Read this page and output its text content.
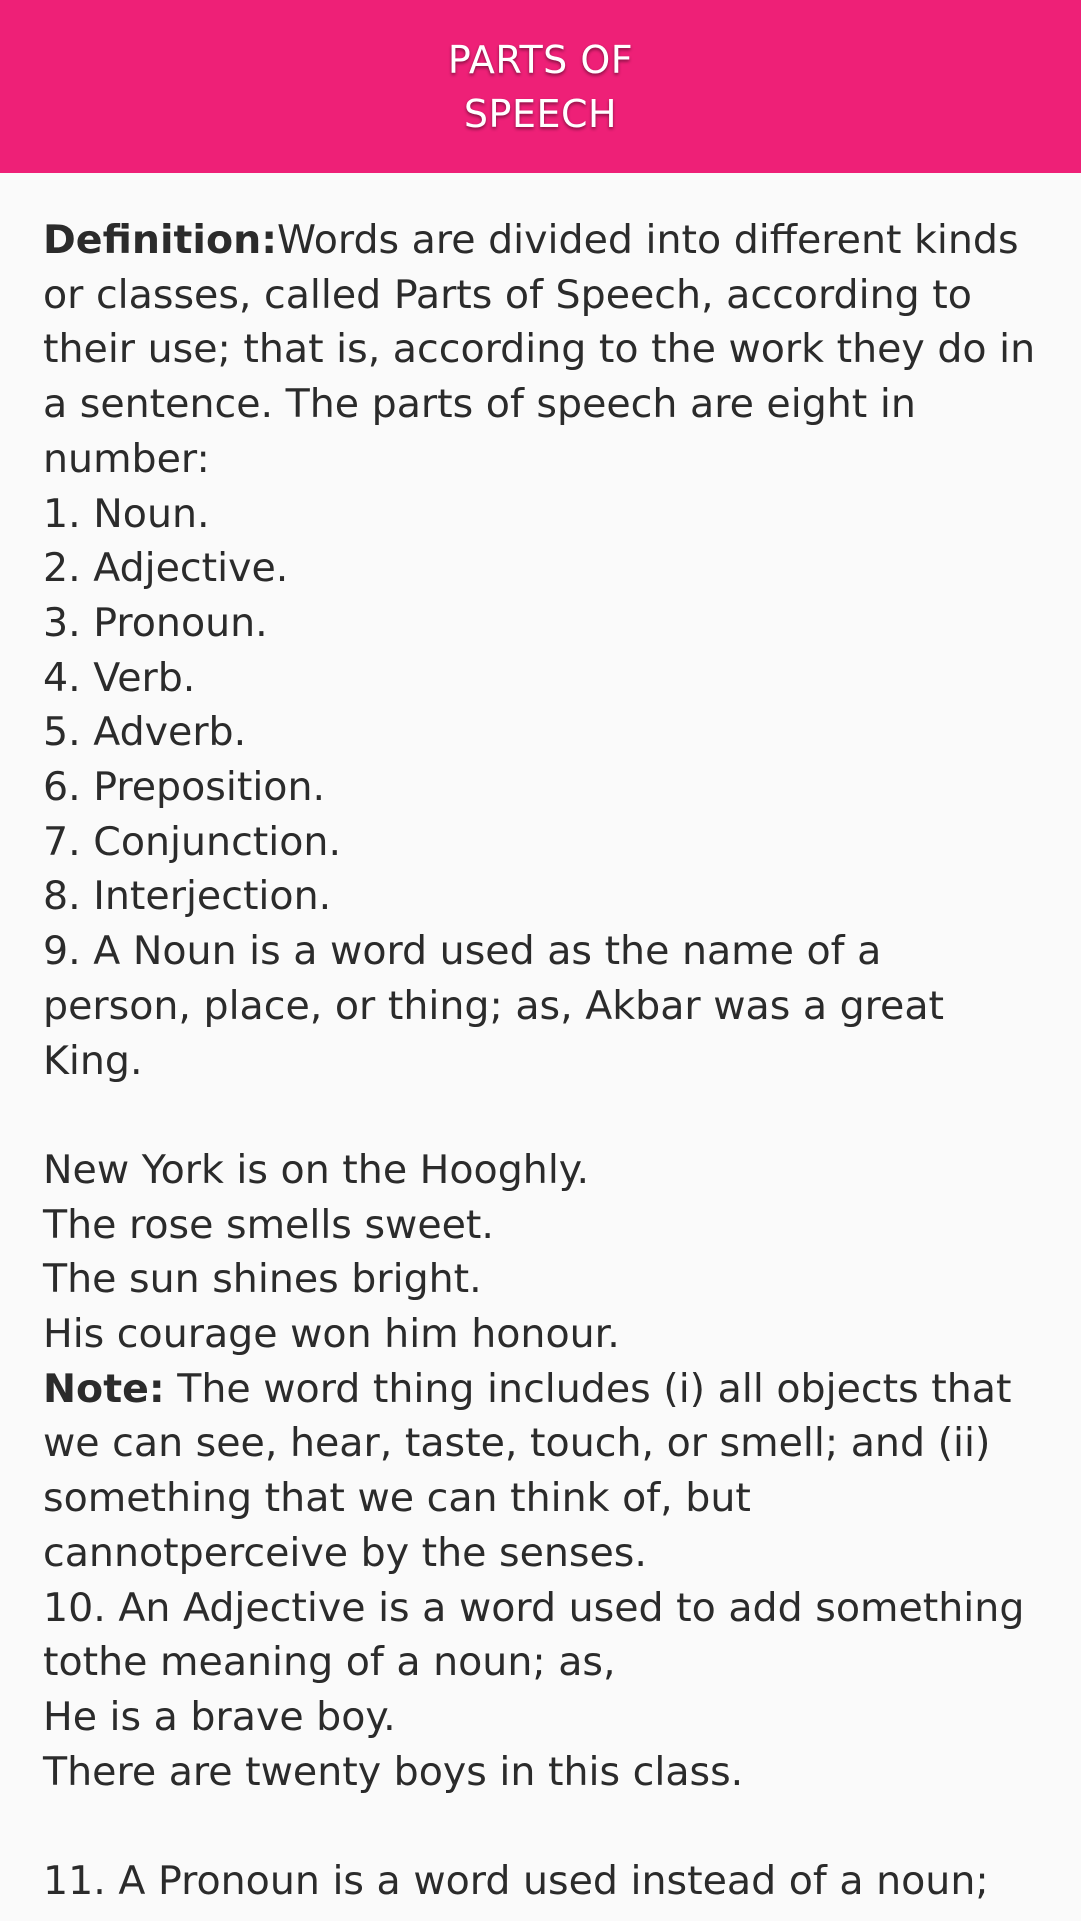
PARTS OF SPEECH
Definition:Words are divided into different kinds
or classes, called Parts of Speech, according to
their use; that is, according to the work they do in
a sentence. The parts of speech are eight in
number:
1. Noun.
2. Adjective.
3. Pronoun.
4. Verb.
5. Adverb.
6. Preposition.
7. Conjunction.
8. Interjection.
9. A Noun is a word used as the name of a
person, place, or thing; as, Akbar was a great
King.
New York is on the Hooghly.
The rose smells sweet.
The sun shines bright.
His courage won him honour.
Note: The word thing includes (i) all objects that
we can see, hear, taste, touch, or smell; and (ii)
something that we can think of, but
cannotperceive by the senses.
10. An Adjective is a word used to add something
tothe meaning of a noun; as,
He is a brave boy.
There are twenty boys in this class.
11. A Pronoun is a word used instead of a noun;
